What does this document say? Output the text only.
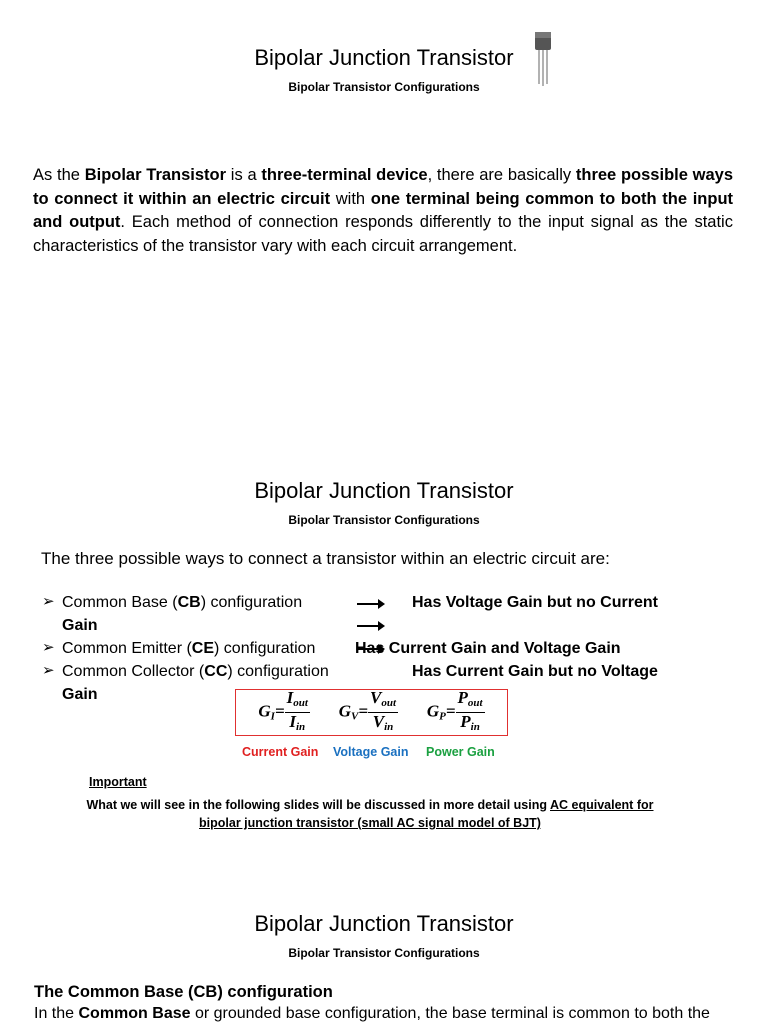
Bipolar Junction Transistor
Bipolar Transistor Configurations
As the Bipolar Transistor is a three-terminal device, there are basically three possible ways to connect it within an electric circuit with one terminal being common to both the input and output. Each method of connection responds differently to the input signal as the static characteristics of the transistor vary with each circuit arrangement.
Bipolar Junction Transistor
Bipolar Transistor Configurations
The three possible ways to connect a transistor within an electric circuit are:
➢ Common Base (CB) configuration
Gain
➢ Common Emitter (CE) configuration
➢ Common Collector (CC) configuration
Gain
Has Voltage Gain but no Current
Has Current Gain and Voltage Gain
Has Current Gain but no Voltage
$G_I= \frac{I_{out}}{I_{in}} G_V= \frac{V_{out}}{V_{in}} G_P= \frac{P_{out}}{P_{in}}$
Current Gain Voltage Gain Power Gain
Important
What we will see in the following slides will be discussed in more detail using AC equivalent for
bipolar junction transistor (small AC signal model of BJT)
Bipolar Junction Transistor
Bipolar Transistor Configurations
The Common Base (CB) configuration
In the Common Base or grounded base configuration, the base terminal is common to both the
